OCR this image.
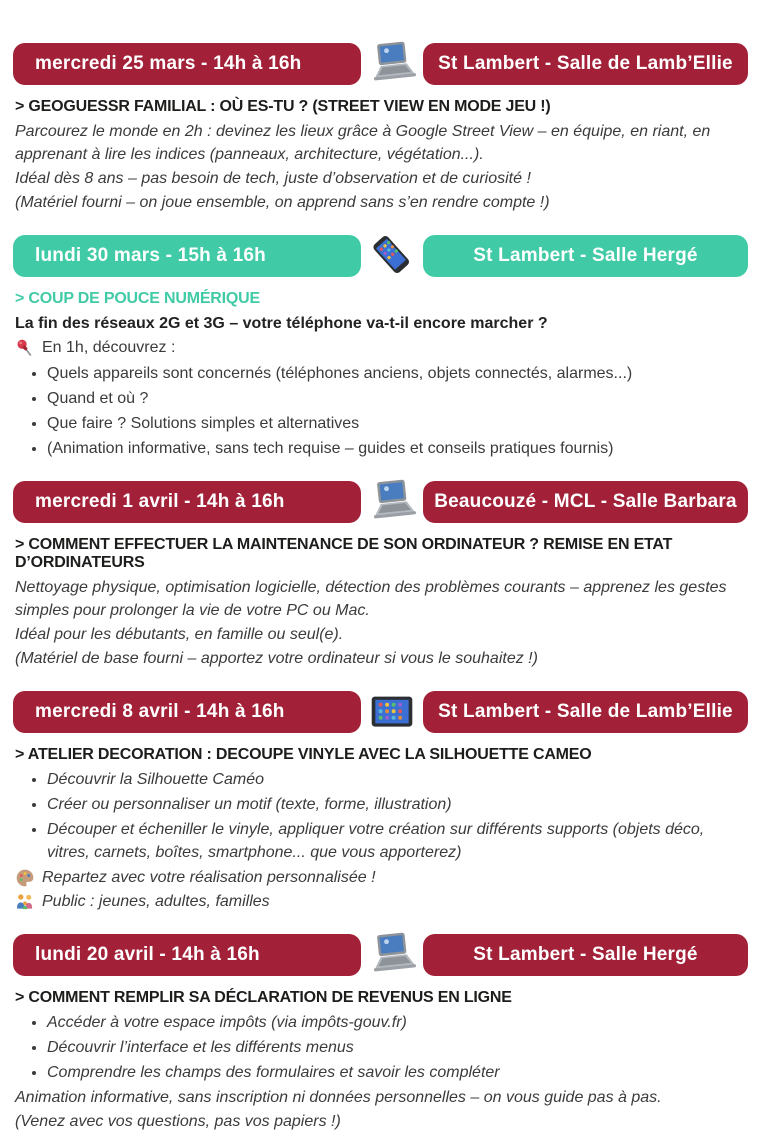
mercredi 25 mars - 14h à 16h	St Lambert - Salle de Lamb’Ellie
> GEOGUESSR FAMILIAL : OÙ ES-TU ? (STREET VIEW EN MODE JEU !)

Parcourez le monde en 2h : devinez les lieux grâce à Google Street View – en équipe, en riant, en apprenant à lire les indices (panneaux, architecture, végétation...).

Idéal dès 8 ans – pas besoin de tech, juste d’observation et de curiosité !

(Matériel fourni – on joue ensemble, on apprend sans s’en rendre compte !)

lundi 30 mars - 15h à 16h	St Lambert - Salle Hergé
> COUP DE POUCE NUMÉRIQUE

La fin des réseaux 2G et 3G – votre téléphone va-t-il encore marcher ?

En 1h, découvrez :
• Quels appareils sont concernés (téléphones anciens, objets connectés, alarmes...)
• Quand et où ?
• Que faire ? Solutions simples et alternatives
• (Animation informative, sans tech requise – guides et conseils pratiques fournis)
mercredi 1 avril - 14h à 16h	Beaucouzé - MCL - Salle Barbara
> COMMENT EFFECTUER LA MAINTENANCE DE SON ORDINATEUR ? REMISE EN ETAT D’ORDINATEURS

Nettoyage physique, optimisation logicielle, détection des problèmes courants – apprenez les gestes simples pour prolonger la vie de votre PC ou Mac.

Idéal pour les débutants, en famille ou seul(e).

(Matériel de base fourni – apportez votre ordinateur si vous le souhaitez !)

mercredi 8 avril - 14h à 16h	St Lambert - Salle de Lamb’Ellie
> ATELIER DECORATION : DECOUPE VINYLE AVEC LA SILHOUETTE CAMEO
• Découvrir la Silhouette Caméo
• Créer ou personnaliser un motif (texte, forme, illustration)
• Découper et écheniller le vinyle, appliquer votre création sur différents supports (objets déco, vitres, carnets, boîtes, smartphone... que vous apporterez)
Repartez avec votre réalisation personnalisée !
Public : jeunes, adultes, familles
lundi 20 avril - 14h à 16h	St Lambert - Salle Hergé
> COMMENT REMPLIR SA DÉCLARATION DE REVENUS EN LIGNE
• Accéder à votre espace impôts (via impôts-gouv.fr)
• Découvrir l’interface et les différents menus
• Comprendre les champs des formulaires et savoir les compléter

Animation informative, sans inscription ni données personnelles – on vous guide pas à pas.

(Venez avec vos questions, pas vos papiers !)
